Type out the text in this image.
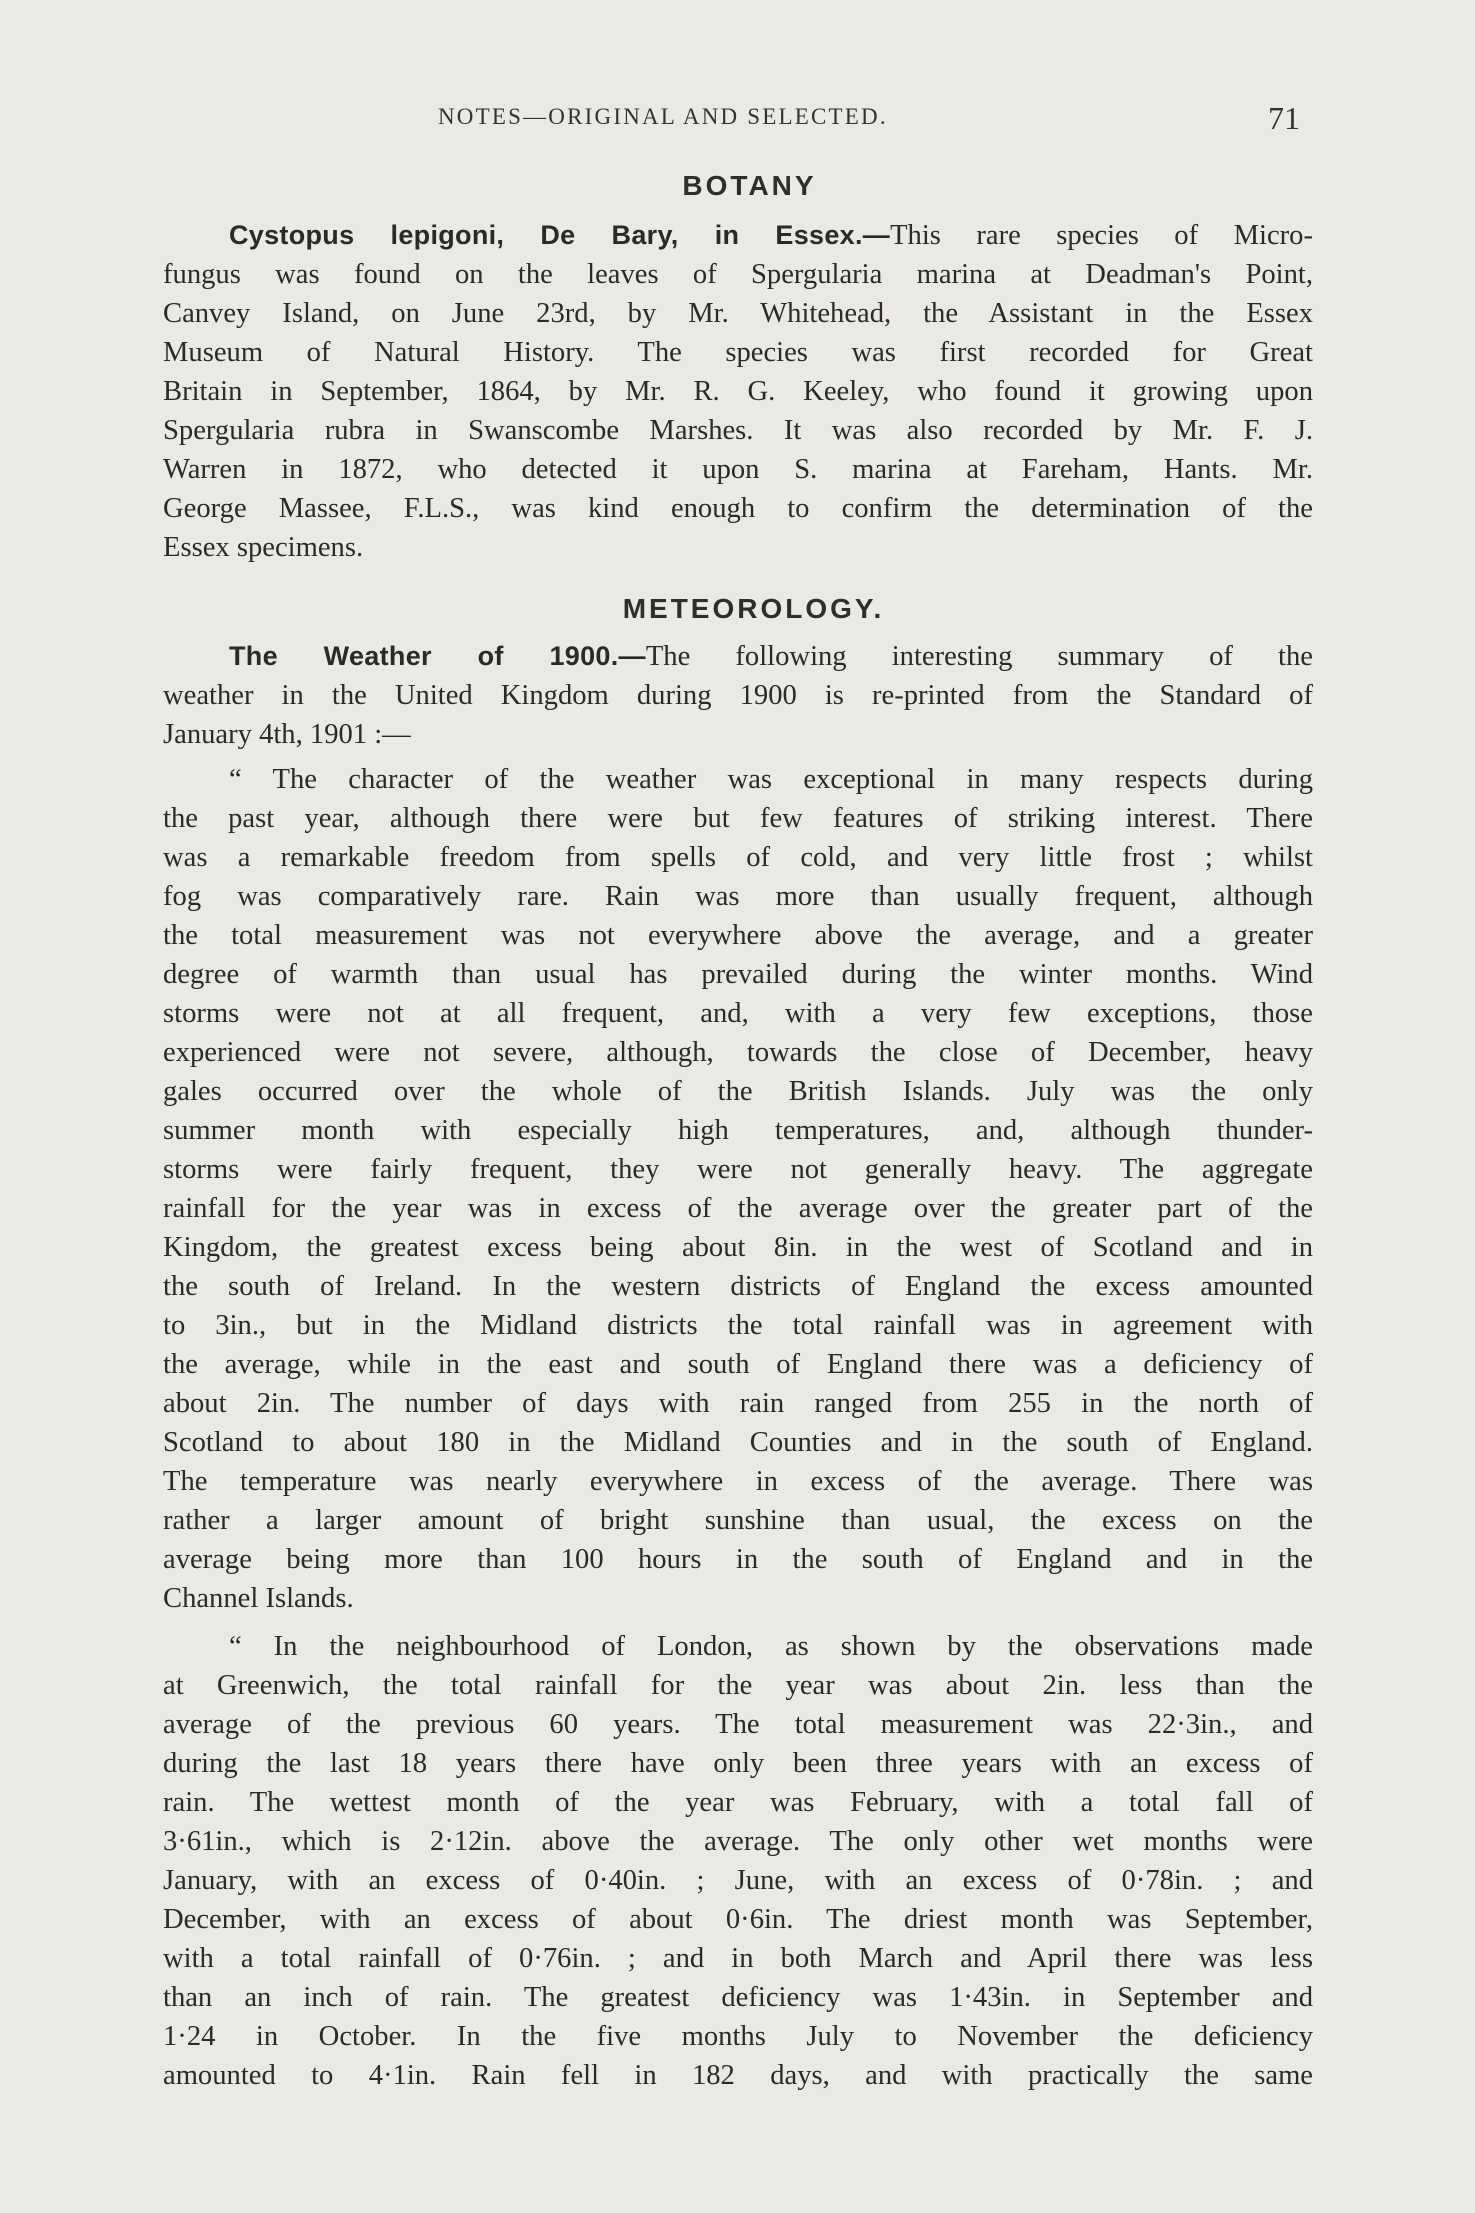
NOTES—ORIGINAL AND SELECTED.	71
BOTANY
Cystopus lepigoni, De Bary, in Essex.—This rare species of Micro-
fungus was found on the leaves of Spergularia marina at Deadman's Point,
Canvey Island, on June 23rd, by Mr. Whitehead, the Assistant in the Essex
Museum of Natural History. The species was first recorded for Great
Britain in September, 1864, by Mr. R. G. Keeley, who found it growing upon
Spergularia rubra in Swanscombe Marshes. It was also recorded by Mr. F. J.
Warren in 1872, who detected it upon S. marina at Fareham, Hants. Mr.
George Massee, F.L.S., was kind enough to confirm the determination of the
Essex specimens.
METEOROLOGY.
The Weather of 1900.—The following interesting summary of the
weather in the United Kingdom during 1900 is re-printed from the Standard of
January 4th, 1901 :—
“ The character of the weather was exceptional in many respects during
the past year, although there were but few features of striking interest. There
was a remarkable freedom from spells of cold, and very little frost ; whilst
fog was comparatively rare. Rain was more than usually frequent, although
the total measurement was not everywhere above the average, and a greater
degree of warmth than usual has prevailed during the winter months. Wind
storms were not at all frequent, and, with a very few exceptions, those
experienced were not severe, although, towards the close of December, heavy
gales occurred over the whole of the British Islands. July was the only
summer month with especially high temperatures, and, although thunder-
storms were fairly frequent, they were not generally heavy. The aggregate
rainfall for the year was in excess of the average over the greater part of the
Kingdom, the greatest excess being about 8in. in the west of Scotland and in
the south of Ireland. In the western districts of England the excess amounted
to 3in., but in the Midland districts the total rainfall was in agreement with
the average, while in the east and south of England there was a deficiency of
about 2in. The number of days with rain ranged from 255 in the north of
Scotland to about 180 in the Midland Counties and in the south of England.
The temperature was nearly everywhere in excess of the average. There was
rather a larger amount of bright sunshine than usual, the excess on the
average being more than 100 hours in the south of England and in the
Channel Islands.
“ In the neighbourhood of London, as shown by the observations made
at Greenwich, the total rainfall for the year was about 2in. less than the
average of the previous 60 years. The total measurement was 22·3in., and
during the last 18 years there have only been three years with an excess of
rain. The wettest month of the year was February, with a total fall of
3·61in., which is 2·12in. above the average. The only other wet months were
January, with an excess of 0·40in. ; June, with an excess of 0·78in. ; and
December, with an excess of about 0·6in. The driest month was September,
with a total rainfall of 0·76in. ; and in both March and April there was less
than an inch of rain. The greatest deficiency was 1·43in. in September and
1·24 in October. In the five months July to November the deficiency
amounted to 4·1in. Rain fell in 182 days, and with practically the same
